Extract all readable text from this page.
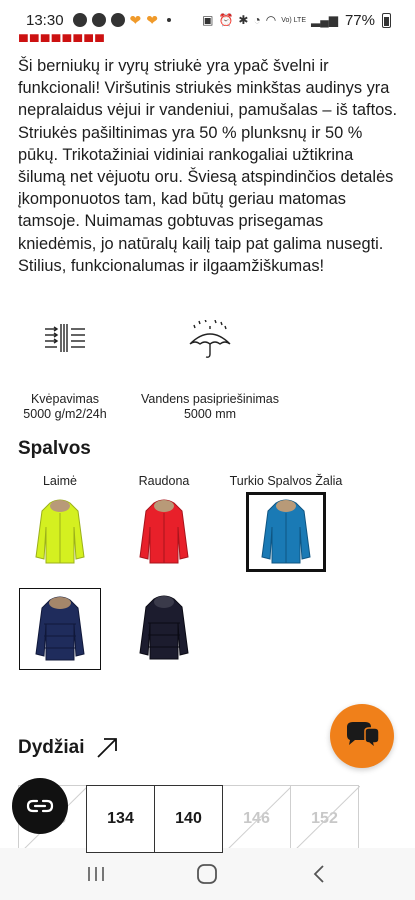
13:30	❤ ❤	▣ ⏰ ✱ ◔ ◠ Vo) LTE ▂▄▆ 77%
■■■■■■■■

Ši berniukų ir vyrų striukė yra ypač švelni ir funkcionali! Viršutinis striukės minkštas audinys yra nepralaidus vėjui ir vandeniui, pamušalas – iš taftos. Striukės pašiltinimas yra 50 % plunksnų ir 50 % pūkų. Trikotažiniai vidiniai rankogaliai užtikrina šilumą net vėjuotu oru. Šviesą atspindinčios detalės įkomponuotos tam, kad būtų geriau matomas tamsoje. Nuimamas gobtuvas prisegamas kniedėmis, jo natūralų kailį taip pat galima nusegti. Stilius, funkcionalumas ir ilgaamžiškumas!

Kvėpavimas
5000 g/m2/24h
Vandens pasipriešinimas
5000 mm
Spalvos
Laimė	Raudona	Turkio Spalvos Žalia
Dydžiai
134	140	146	152
